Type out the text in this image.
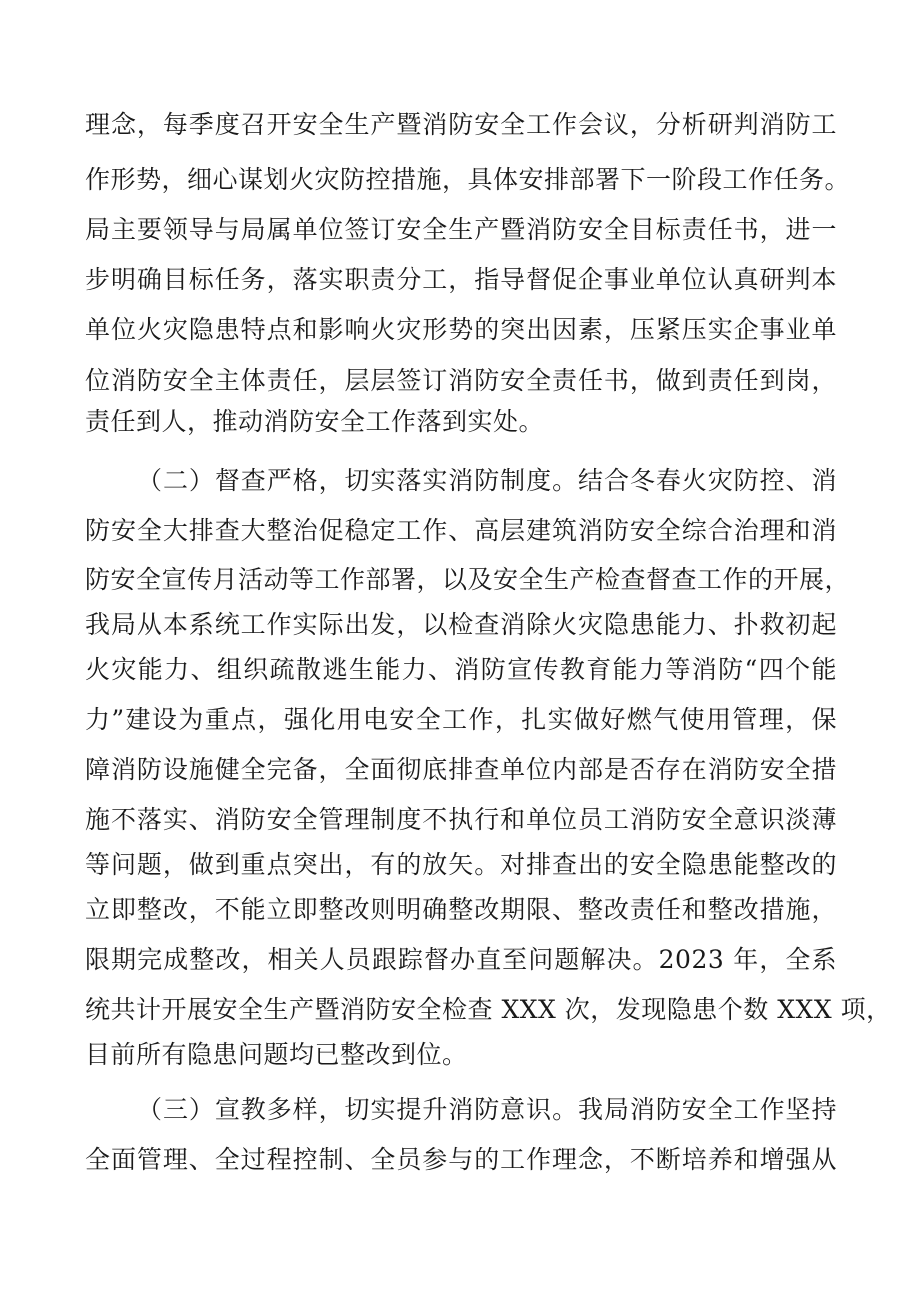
理念，每季度召开安全生产暨消防安全工作会议，分析研判消防工
作形势，细心谋划火灾防控措施，具体安排部署下一阶段工作任务。
局主要领导与局属单位签订安全生产暨消防安全目标责任书，进一
步明确目标任务，落实职责分工，指导督促企事业单位认真研判本
单位火灾隐患特点和影响火灾形势的突出因素，压紧压实企事业单
位消防安全主体责任，层层签订消防安全责任书，做到责任到岗，
责任到人，推动消防安全工作落到实处。
（二）督查严格，切实落实消防制度。结合冬春火灾防控、消
防安全大排查大整治促稳定工作、高层建筑消防安全综合治理和消
防安全宣传月活动等工作部署，以及安全生产检查督查工作的开展，
我局从本系统工作实际出发，以检查消除火灾隐患能力、扑救初起
火灾能力、组织疏散逃生能力、消防宣传教育能力等消防“四个能
力”建设为重点，强化用电安全工作，扎实做好燃气使用管理，保
障消防设施健全完备，全面彻底排查单位内部是否存在消防安全措
施不落实、消防安全管理制度不执行和单位员工消防安全意识淡薄
等问题，做到重点突出，有的放矢。对排查出的安全隐患能整改的
立即整改，不能立即整改则明确整改期限、整改责任和整改措施，
限期完成整改，相关人员跟踪督办直至问题解决。2023 年，全系
统共计开展安全生产暨消防安全检查 XXX 次，发现隐患个数 XXX 项，
目前所有隐患问题均已整改到位。
（三）宣教多样，切实提升消防意识。我局消防安全工作坚持
全面管理、全过程控制、全员参与的工作理念，不断培养和增强从
